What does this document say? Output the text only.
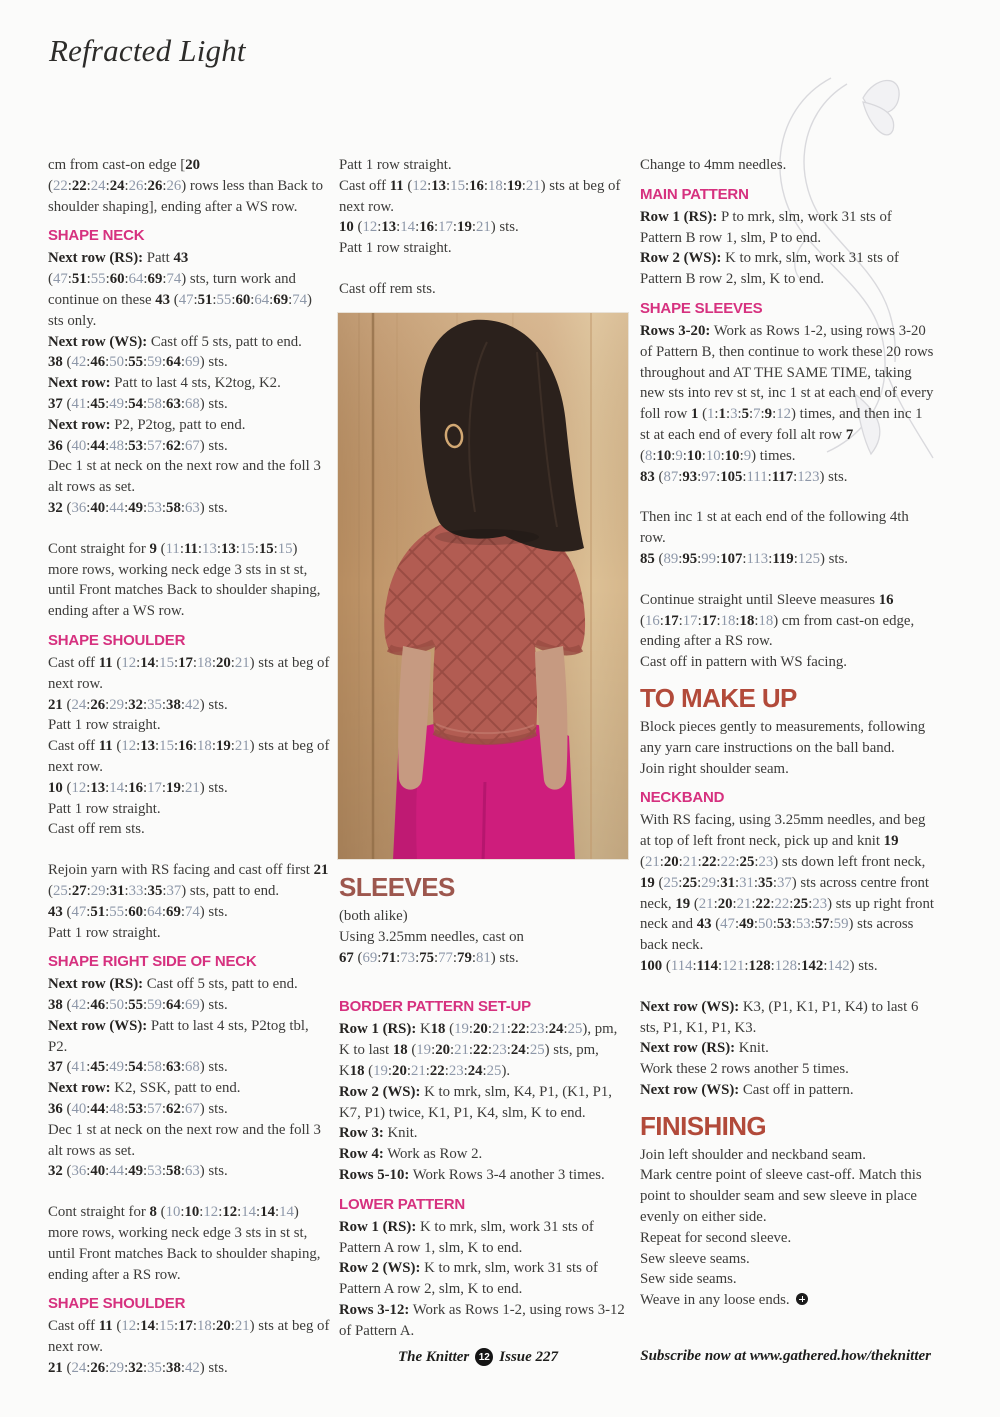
Refracted Light
cm from cast-on edge [20 (22:22:24:24:26:26:26) rows less than Back to shoulder shaping], ending after a WS row.
SHAPE NECK
Next row (RS): Patt 43 (47:51:55:60:64:69:74) sts, turn work and continue on these 43 (47:51:55:60:64:69:74) sts only.
Next row (WS): Cast off 5 sts, patt to end.
38 (42:46:50:55:59:64:69) sts.
Next row: Patt to last 4 sts, K2tog, K2.
37 (41:45:49:54:58:63:68) sts.
Next row: P2, P2tog, patt to end.
36 (40:44:48:53:57:62:67) sts.
Dec 1 st at neck on the next row and the foll 3 alt rows as set.
32 (36:40:44:49:53:58:63) sts.
Cont straight for 9 (11:11:13:13:15:15:15) more rows, working neck edge 3 sts in st st, until Front matches Back to shoulder shaping, ending after a WS row.
SHAPE SHOULDER
Cast off 11 (12:14:15:17:18:20:21) sts at beg of next row.
21 (24:26:29:32:35:38:42) sts.
Patt 1 row straight.
Cast off 11 (12:13:15:16:18:19:21) sts at beg of next row.
10 (12:13:14:16:17:19:21) sts.
Patt 1 row straight.
Cast off rem sts.
Rejoin yarn with RS facing and cast off first 21 (25:27:29:31:33:35:37) sts, patt to end.
43 (47:51:55:60:64:69:74) sts.
Patt 1 row straight.
SHAPE RIGHT SIDE OF NECK
Next row (RS): Cast off 5 sts, patt to end.
38 (42:46:50:55:59:64:69) sts.
Next row (WS): Patt to last 4 sts, P2tog tbl, P2.
37 (41:45:49:54:58:63:68) sts.
Next row: K2, SSK, patt to end.
36 (40:44:48:53:57:62:67) sts.
Dec 1 st at neck on the next row and the foll 3 alt rows as set.
32 (36:40:44:49:53:58:63) sts.
Cont straight for 8 (10:10:12:12:14:14:14) more rows, working neck edge 3 sts in st st, until Front matches Back to shoulder shaping, ending after a RS row.
SHAPE SHOULDER
Cast off 11 (12:14:15:17:18:20:21) sts at beg of next row.
21 (24:26:29:32:35:38:42) sts.
Patt 1 row straight.
Cast off 11 (12:13:15:16:18:19:21) sts at beg of next row.
10 (12:13:14:16:17:19:21) sts.
Patt 1 row straight.
Cast off rem sts.
SLEEVES
(both alike)
Using 3.25mm needles, cast on
67 (69:71:73:75:77:79:81) sts.
BORDER PATTERN SET-UP
Row 1 (RS): K18 (19:20:21:22:23:24:25), pm, K to last 18 (19:20:21:22:23:24:25) sts, pm, K18 (19:20:21:22:23:24:25).
Row 2 (WS): K to mrk, slm, K4, P1, (K1, P1, K7, P1) twice, K1, P1, K4, slm, K to end.
Row 3: Knit.
Row 4: Work as Row 2.
Rows 5-10: Work Rows 3-4 another 3 times.
LOWER PATTERN
Row 1 (RS): K to mrk, slm, work 31 sts of Pattern A row 1, slm, K to end.
Row 2 (WS): K to mrk, slm, work 31 sts of Pattern A row 2, slm, K to end.
Rows 3-12: Work as Rows 1-2, using rows 3-12 of Pattern A.
Change to 4mm needles.
MAIN PATTERN
Row 1 (RS): P to mrk, slm, work 31 sts of Pattern B row 1, slm, P to end.
Row 2 (WS): K to mrk, slm, work 31 sts of Pattern B row 2, slm, K to end.
SHAPE SLEEVES
Rows 3-20: Work as Rows 1-2, using rows 3-20 of Pattern B, then continue to work these 20 rows throughout and AT THE SAME TIME, taking new sts into rev st st, inc 1 st at each end of every foll row 1 (1:1:3:5:7:9:12) times, and then inc 1 st at each end of every foll alt row 7 (8:10:9:10:10:10:9) times.
83 (87:93:97:105:111:117:123) sts.
Then inc 1 st at each end of the following 4th row.
85 (89:95:99:107:113:119:125) sts.
Continue straight until Sleeve measures 16 (16:17:17:17:18:18:18) cm from cast-on edge, ending after a RS row.
Cast off in pattern with WS facing.
TO MAKE UP
Block pieces gently to measurements, following any yarn care instructions on the ball band.
Join right shoulder seam.
NECKBAND
With RS facing, using 3.25mm needles, and beg at top of left front neck, pick up and knit 19 (21:20:21:22:22:25:23) sts down left front neck, 19 (25:25:29:31:31:35:37) sts across centre front neck, 19 (21:20:21:22:22:25:23) sts up right front neck and 43 (47:49:50:53:53:57:59) sts across back neck.
100 (114:114:121:128:128:142:142) sts.
Next row (WS): K3, (P1, K1, P1, K4) to last 6 sts, P1, K1, P1, K3.
Next row (RS): Knit.
Work these 2 rows another 5 times.
Next row (WS): Cast off in pattern.
FINISHING
Join left shoulder and neckband seam.
Mark centre point of sleeve cast-off. Match this point to shoulder seam and sew sleeve in place evenly on either side.
Repeat for second sleeve.
Sew sleeve seams.
Sew side seams.
Weave in any loose ends.
The Knitter 12 Issue 227	Subscribe now at www.gathered.how/theknitter
